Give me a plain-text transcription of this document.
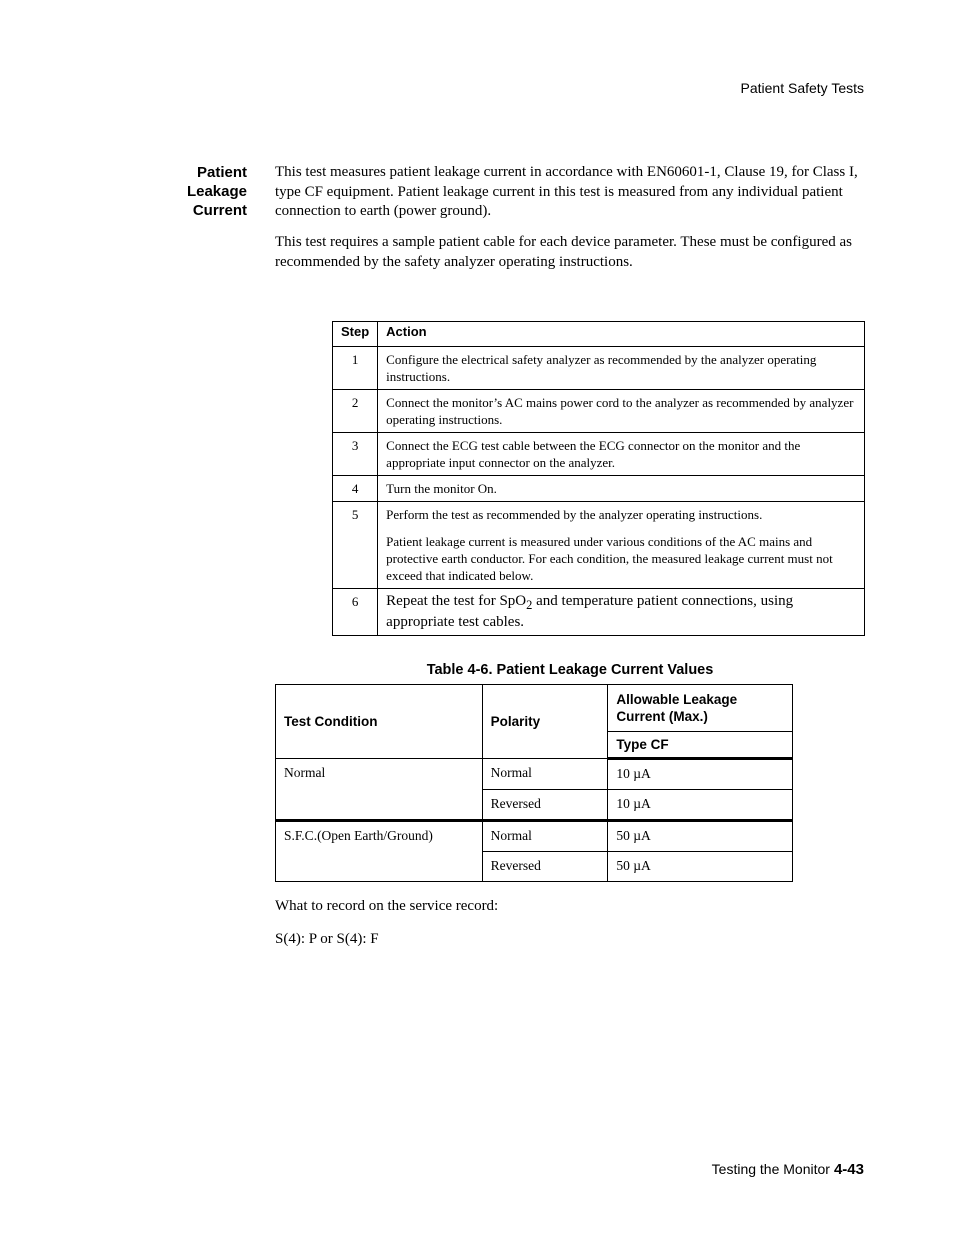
Patient Safety Tests
Patient
Leakage
Current
This test measures patient leakage current in accordance with EN60601-1, Clause 19, for Class I, type CF equipment. Patient leakage current in this test is measured from any individual patient connection to earth (power ground).
This test requires a sample patient cable for each device parameter. These must be configured as recommended by the safety analyzer operating instructions.
Step	Action
1	Configure the electrical safety analyzer as recommended by the analyzer operating instructions.
2	Connect the monitor’s AC mains power cord to the analyzer as recommended by analyzer operating instructions.
3	Connect the ECG test cable between the ECG connector on the monitor and the appropriate input connector on the analyzer.
4	Turn the monitor On.
5	Perform the test as recommended by the analyzer operating instructions.

Patient leakage current is measured under various conditions of the AC mains and protective earth conductor. For each condition, the measured leakage current must not exceed that indicated below.

6	Repeat the test for SpO$_2$ and temperature patient connections, using appropriate test cables.
Table 4-6. Patient Leakage Current Values
Test Condition	Polarity	Allowable Leakage Current (Max.)
		Type CF
Normal	Normal	10 µA
	Reversed	10 µA
S.F.C.(Open Earth/Ground)	Normal	50 µA
	Reversed	50 µA
What to record on the service record:
S(4): P or S(4): F
Testing the Monitor 4-43
